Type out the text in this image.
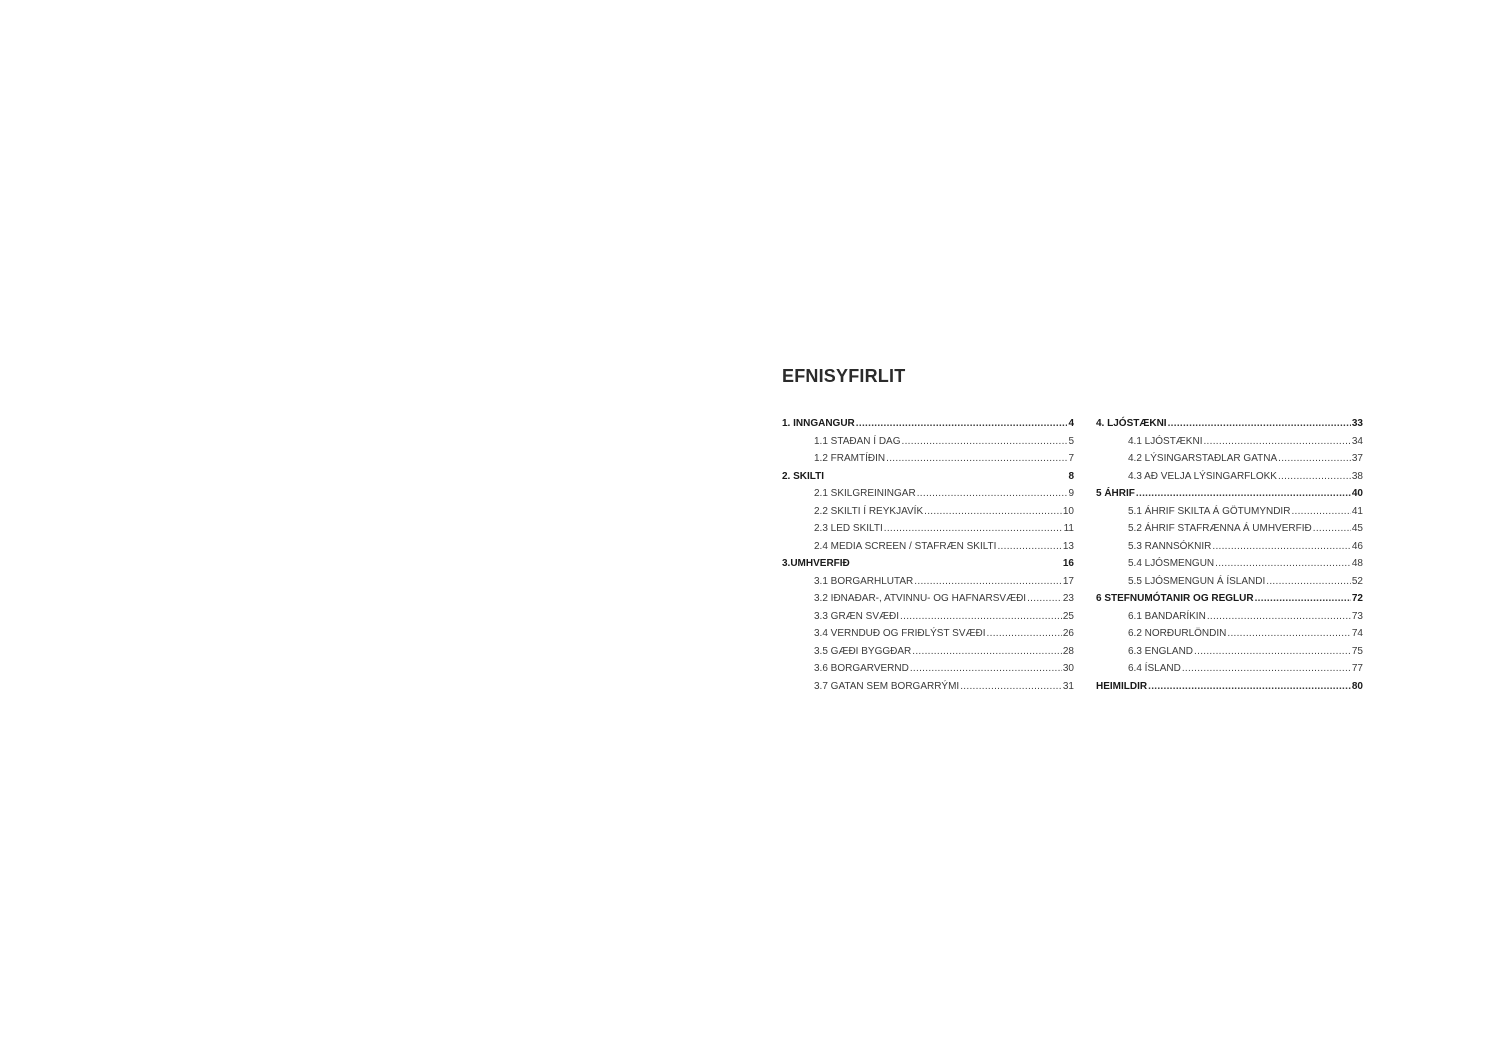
EFNISYFIRLIT
1. INNGANGUR .....	4
1.1 STAÐAN Í DAG .....	5
1.2 FRAMTÍÐIN .....	7
2. SKILTI	8
2.1 SKILGREININGAR .....	9
2.2 SKILTI Í REYKJAVÍK .....	10
2.3 LED SKILTI .....	11
2.4 MEDIA SCREEN / STAFRÆN SKILTI .....	13
3.UMHVERFIÐ	16
3.1 BORGARHLUTAR .....	17
3.2 IÐNAÐAR-, ATVINNU- OG HAFNARSVÆÐI .....	23
3.3 GRÆN SVÆÐI .....	25
3.4 VERNDUÐ OG FRIÐLÝST SVÆÐI .....	26
3.5 GÆÐI BYGGÐAR .....	28
3.6 BORGARVERND .....	30
3.7 GATAN SEM BORGARRÝMI .....	31
4. LJÓSTÆKNI .....	33
4.1 LJÓSTÆKNI .....	34
4.2 LÝSINGARSTAÐLAR GATNA .....	37
4.3 AÐ VELJA LÝSINGARFLOKK .....	38
5 ÁHRIF .....	40
5.1 ÁHRIF SKILTA Á GÖTUMYNDIR .....	41
5.2 ÁHRIF STAFRÆNNA Á UMHVERFIÐ .....	45
5.3 RANNSÓKNIR .....	46
5.4 LJÓSMENGUN .....	48
5.5 LJÓSMENGUN Á ÍSLANDI .....	52
6 STEFNUMÓTANIR OG REGLUR .....	72
6.1 BANDARÍKIN .....	73
6.2 NORÐURLÖNDIN .....	74
6.3 ENGLAND .....	75
6.4 ÍSLAND .....	77
HEIMILDIR .....	80
